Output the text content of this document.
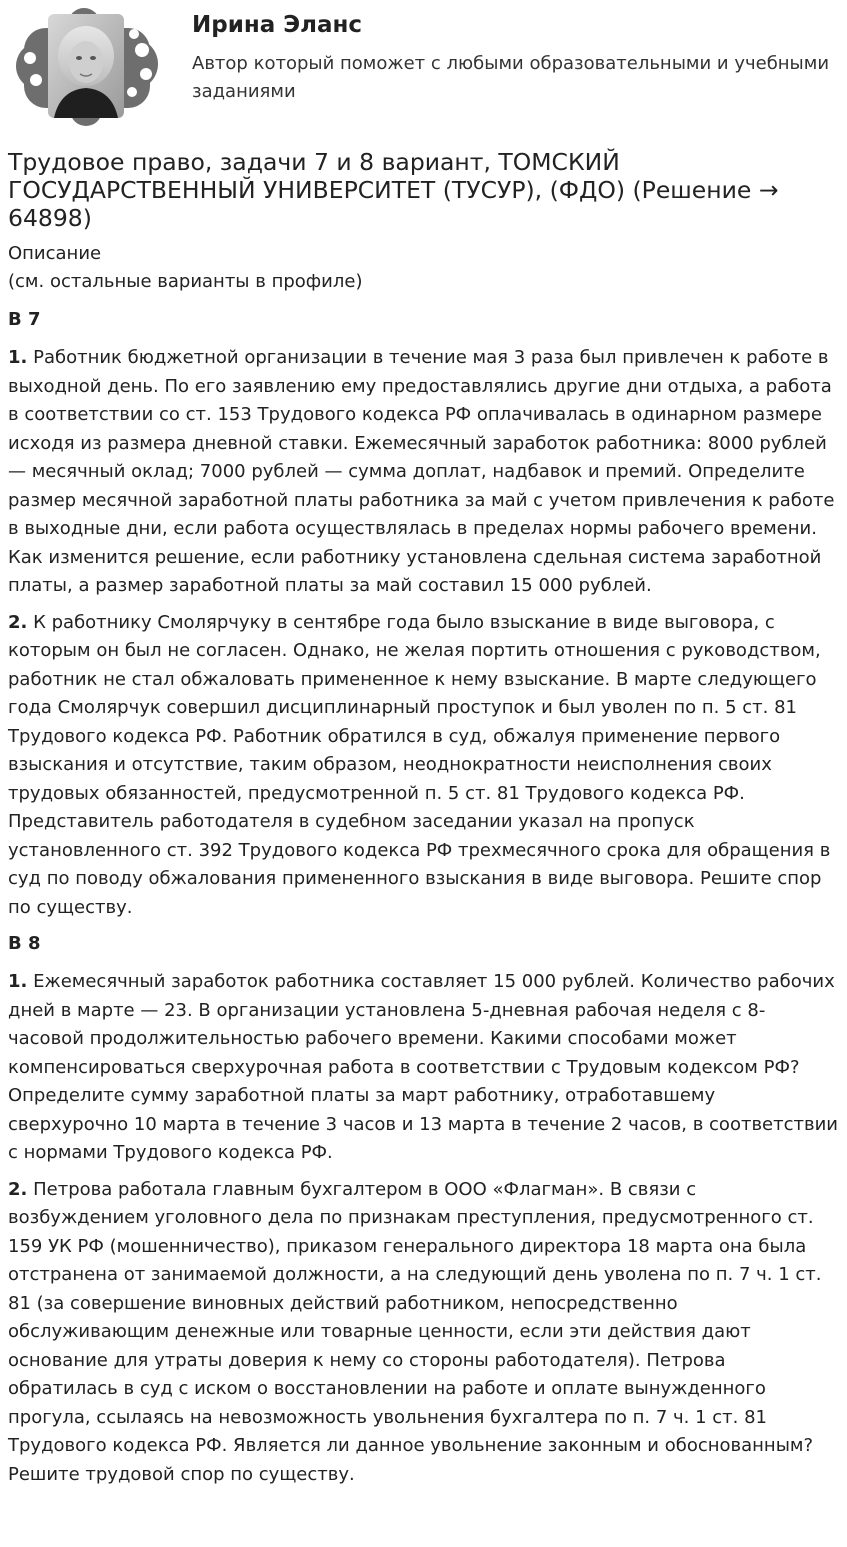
Ирина Эланс

Автор который поможет с любыми образовательными и учебными заданиями

Трудовое право, задачи 7 и 8 вариант, ТОМСКИЙ ГОСУДАРСТВЕННЫЙ УНИВЕРСИТЕТ (ТУСУР), (ФДО) (Решение → 64898)

Описание

(см. остальные варианты в профиле)

В 7

1. Работник бюджетной организации в течение мая 3 раза был привлечен к работе в выходной день. По его заявлению ему предоставлялись другие дни отдыха, а работа в соответствии со ст. 153 Трудового кодекса РФ оплачивалась в одинарном размере исходя из размера дневной ставки. Ежемесячный заработок работника: 8000 рублей — месячный оклад; 7000 рублей — сумма доплат, надбавок и премий. Определите размер месячной заработной платы работника за май с учетом привлечения к работе в выходные дни, если работа осуществлялась в пределах нормы рабочего времени. Как изменится решение, если работнику установлена сдельная система заработной платы, а размер заработной платы за май составил 15 000 рублей.

2. К работнику Смолярчуку в сентябре года было взыскание в виде выговора, с которым он был не согласен. Однако, не желая портить отношения с руководством, работник не стал обжаловать примененное к нему взыскание. В марте следующего года Смолярчук совершил дисциплинарный проступок и был уволен по п. 5 ст. 81 Трудового кодекса РФ. Работник обратился в суд, обжалуя применение первого взыскания и отсутствие, таким образом, неоднократности неисполнения своих трудовых обязанностей, предусмотренной п. 5 ст. 81 Трудового кодекса РФ. Представитель работодателя в судебном заседании указал на пропуск установленного ст. 392 Трудового кодекса РФ трехмесячного срока для обращения в суд по поводу обжалования примененного взыскания в виде выговора. Решите спор по существу.

В 8

1. Ежемесячный заработок работника составляет 15 000 рублей. Количество рабочих дней в марте — 23. В организации установлена 5-дневная рабочая неделя с 8-часовой продолжительностью рабочего времени. Какими способами может компенсироваться сверхурочная работа в соответствии с Трудовым кодексом РФ? Определите сумму заработной платы за март работнику, отработавшему сверхурочно 10 марта в течение 3 часов и 13 марта в течение 2 часов, в соответствии с нормами Трудового кодекса РФ.

2. Петрова работала главным бухгалтером в ООО «Флагман». В связи с возбуждением уголовного дела по признакам преступления, предусмотренного ст. 159 УК РФ (мошенничество), приказом генерального директора 18 марта она была отстранена от занимаемой должности, а на следующий день уволена по п. 7 ч. 1 ст. 81 (за совершение виновных действий работником, непосредственно обслуживающим денежные или товарные ценности, если эти действия дают основание для утраты доверия к нему со стороны работодателя). Петрова обратилась в суд с иском о восстановлении на работе и оплате вынужденного прогула, ссылаясь на невозможность увольнения бухгалтера по п. 7 ч. 1 ст. 81 Трудового кодекса РФ. Является ли данное увольнение законным и обоснованным? Решите трудовой спор по существу.
